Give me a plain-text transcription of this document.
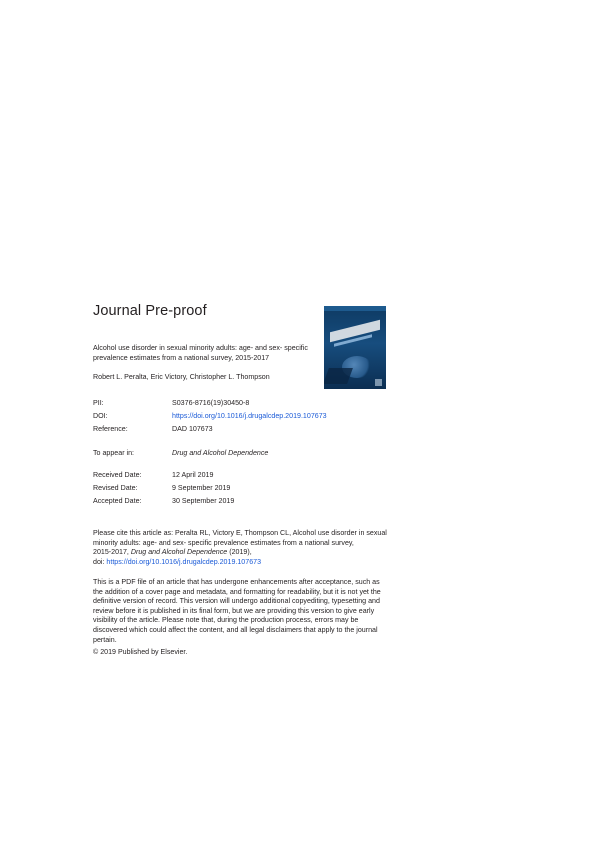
Journal Pre-proof
Alcohol use disorder in sexual minority adults: age- and sex- specific
prevalence estimates from a national survey, 2015-2017
Robert L. Peralta, Eric Victory, Christopher L. Thompson
PII:	S0376-8716(19)30450-8
DOI:	https://doi.org/10.1016/j.drugalcdep.2019.107673
Reference:	DAD 107673
To appear in:	Drug and Alcohol Dependence
Received Date:	12 April 2019
Revised Date:	9 September 2019
Accepted Date:	30 September 2019
Please cite this article as: Peralta RL, Victory E, Thompson CL, Alcohol use disorder in sexual
minority adults: age- and sex- specific prevalence estimates from a national survey,
2015-2017, Drug and Alcohol Dependence (2019),
doi: https://doi.org/10.1016/j.drugalcdep.2019.107673
This is a PDF file of an article that has undergone enhancements after acceptance, such as
the addition of a cover page and metadata, and formatting for readability, but it is not yet the
definitive version of record. This version will undergo additional copyediting, typesetting and
review before it is published in its final form, but we are providing this version to give early
visibility of the article. Please note that, during the production process, errors may be
discovered which could affect the content, and all legal disclaimers that apply to the journal
pertain.
© 2019 Published by Elsevier.
